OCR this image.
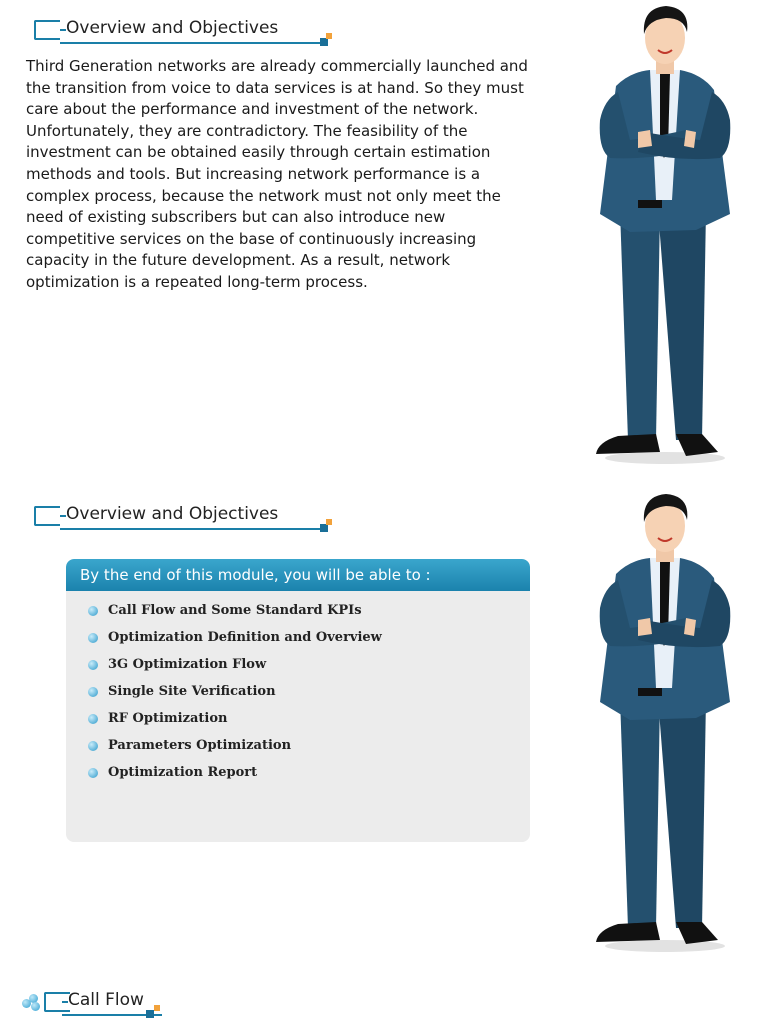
Overview and Objectives

Third Generation networks are already commercially launched and the transition from voice to data services is at hand. So they must care about the performance and investment of the network. Unfortunately, they are contradictory. The feasibility of the investment can be obtained easily through certain estimation methods and tools. But increasing network performance is a complex process, because the network must not only meet the need of existing subscribers but can also introduce new competitive services on the base of continuously increasing capacity in the future development. As a result, network optimization is a repeated long-term process.

Overview and Objectives
By the end of this module, you will be able to :
Call Flow and Some Standard KPIs
Optimization Definition and Overview
3G Optimization Flow
Single Site Verification
RF Optimization
Parameters Optimization
Optimization Report
Call Flow
